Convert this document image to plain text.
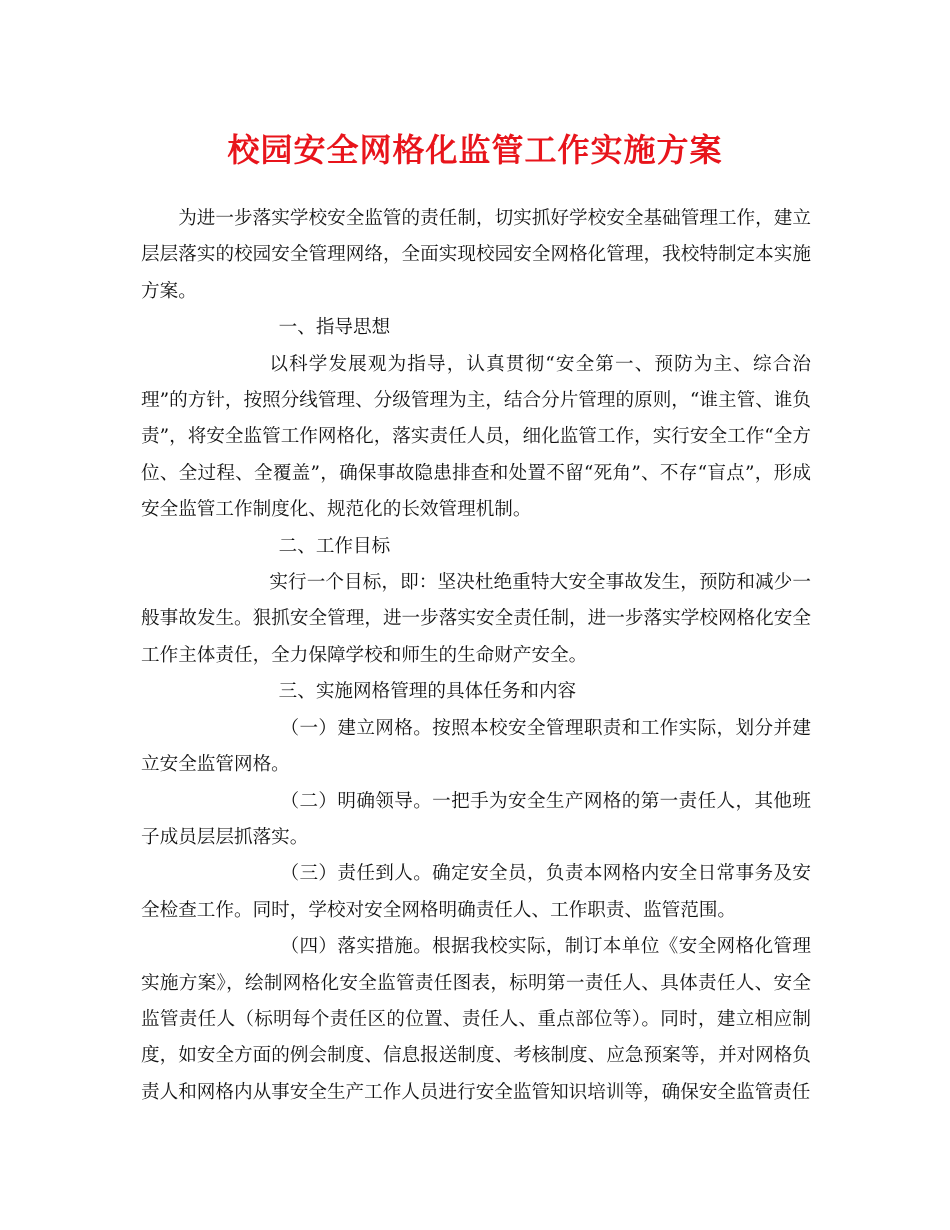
校园安全网格化监管工作实施方案

为进一步落实学校安全监管的责任制，切实抓好学校安全基础管理工作，建立层层落实的校园安全管理网络，全面实现校园安全网格化管理，我校特制定本实施方案。

一、指导思想

以科学发展观为指导，认真贯彻“安全第一、预防为主、综合治理”的方针，按照分线管理、分级管理为主，结合分片管理的原则，“谁主管、谁负责”，将安全监管工作网格化，落实责任人员，细化监管工作，实行安全工作“全方位、全过程、全覆盖”，确保事故隐患排查和处置不留“死角”、不存“盲点”，形成安全监管工作制度化、规范化的长效管理机制。

二、工作目标

实行一个目标，即：坚决杜绝重特大安全事故发生，预防和减少一般事故发生。狠抓安全管理，进一步落实安全责任制，进一步落实学校网格化安全工作主体责任，全力保障学校和师生的生命财产安全。

三、实施网格管理的具体任务和内容

（一）建立网格。按照本校安全管理职责和工作实际，划分并建立安全监管网格。

（二）明确领导。一把手为安全生产网格的第一责任人，其他班子成员层层抓落实。

（三）责任到人。确定安全员，负责本网格内安全日常事务及安全检查工作。同时，学校对安全网格明确责任人、工作职责、监管范围。

（四）落实措施。根据我校实际，制订本单位《安全网格化管理实施方案》，绘制网格化安全监管责任图表，标明第一责任人、具体责任人、安全监管责任人（标明每个责任区的位置、责任人、重点部位等）。同时，建立相应制度，如安全方面的例会制度、信息报送制度、考核制度、应急预案等，并对网格负责人和网格内从事安全生产工作人员进行安全监管知识培训等，确保安全监管责任
